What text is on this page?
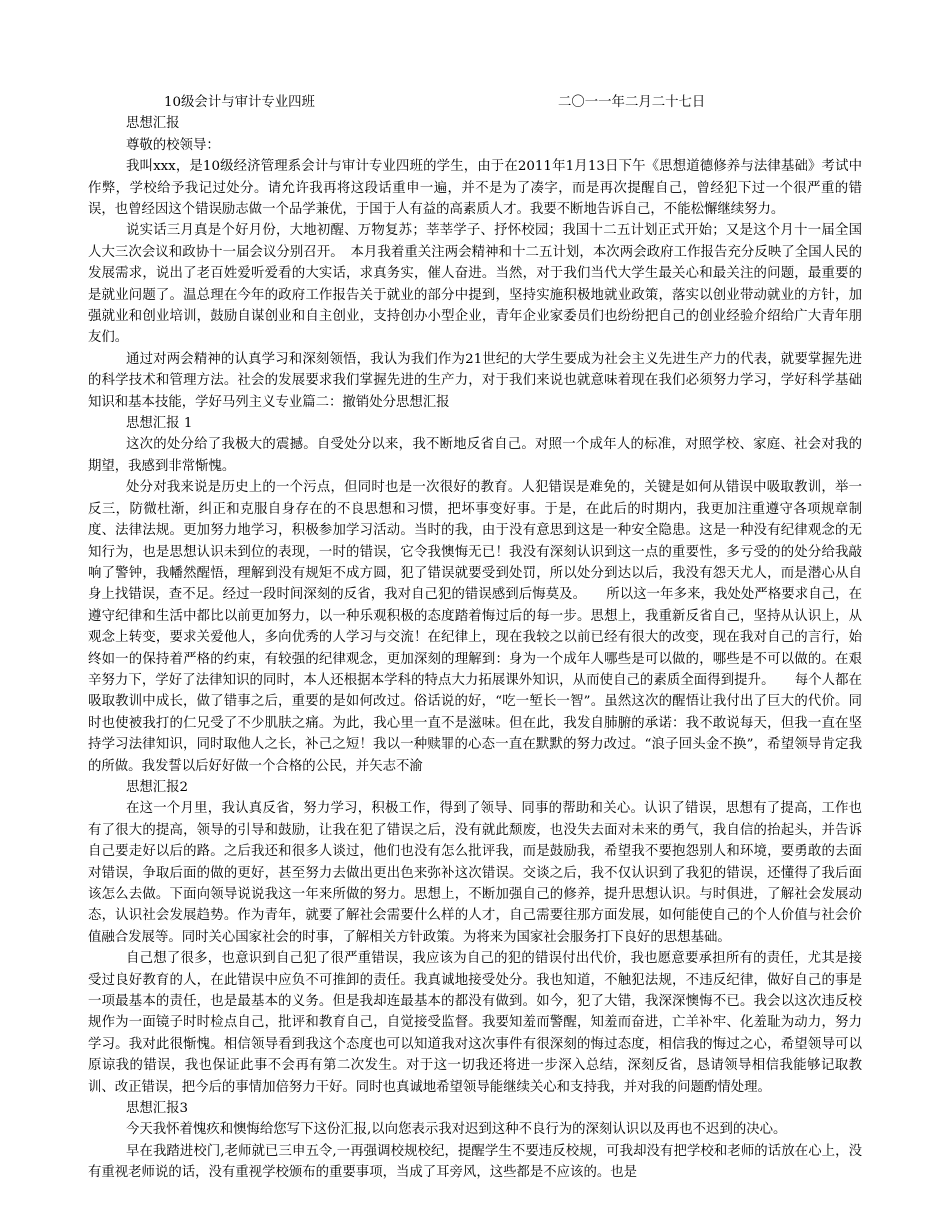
10级会计与审计专业四班	二〇一一年二月二十七日
思想汇报
尊敬的校领导：

我叫xxx，是10级经济管理系会计与审计专业四班的学生，由于在2011年1月13日下午《思想道德修养与法律基础》考试中作弊，学校给予我记过处分。请允许我再将这段话重申一遍，并不是为了凑字，而是再次提醒自己，曾经犯下过一个很严重的错误，也曾经因这个错误励志做一个品学兼优，于国于人有益的高素质人才。我要不断地告诉自己，不能松懈继续努力。

说实话三月真是个好月份，大地初醒、万物复苏；莘莘学子、抒怀校园；我国十二五计划正式开始；又是这个月十一届全国人大三次会议和政协十一届会议分别召开。　本月我着重关注两会精神和十二五计划，本次两会政府工作报告充分反映了全国人民的发展需求，说出了老百姓爱听爱看的大实话，求真务实，催人奋进。当然，对于我们当代大学生最关心和最关注的问题，最重要的是就业问题了。温总理在今年的政府工作报告关于就业的部分中提到，坚持实施积极地就业政策，落实以创业带动就业的方针，加强就业和创业培训，鼓励自谋创业和自主创业，支持创办小型企业，青年企业家委员们也纷纷把自己的创业经验介绍给广大青年朋友们。

通过对两会精神的认真学习和深刻领悟，我认为我们作为21世纪的大学生要成为社会主义先进生产力的代表，就要掌握先进的科学技术和管理方法。社会的发展要求我们掌握先进的生产力，对于我们来说也就意味着现在我们必须努力学习，学好科学基础知识和基本技能，学好马列主义专业篇二：撤销处分思想汇报

思想汇报 1

这次的处分给了我极大的震撼。自受处分以来，我不断地反省自己。对照一个成年人的标准，对照学校、家庭、社会对我的期望，我感到非常惭愧。

处分对我来说是历史上的一个污点，但同时也是一次很好的教育。人犯错误是难免的，关键是如何从错误中吸取教训，举一反三，防微杜渐，纠正和克服自身存在的不良思想和习惯，把坏事变好事。于是，在此后的时期内，我更加注重遵守各项规章制度、法律法规。更加努力地学习，积极参加学习活动。当时的我，由于没有意思到这是一种安全隐患。这是一种没有纪律观念的无知行为，也是思想认识未到位的表现，一时的错误，它令我懊悔无已！我没有深刻认识到这一点的重要性，多亏受的的处分给我敲响了警钟，我幡然醒悟，理解到没有规矩不成方圆，犯了错误就要受到处罚，所以处分到达以后，我没有怨天尤人，而是潜心从自身上找错误，查不足。经过一段时间深刻的反省，我对自己犯的错误感到后悔莫及。　　所以这一年多来，我处处严格要求自己，在遵守纪律和生活中都比以前更加努力，以一种乐观积极的态度踏着悔过后的每一步。思想上，我重新反省自己，坚持从认识上，从观念上转变，要求关爱他人，多向优秀的人学习与交流！在纪律上，现在我较之以前已经有很大的改变，现在我对自己的言行，始终如一的保持着严格的约束，有较强的纪律观念，更加深刻的理解到：身为一个成年人哪些是可以做的，哪些是不可以做的。在艰辛努力下，学好了法律知识的同时，本人还根据本学科的特点大力拓展课外知识，从而使自己的素质全面得到提升。　　每个人都在吸取教训中成长，做了错事之后，重要的是如何改过。俗话说的好，“吃一堑长一智”。虽然这次的醒悟让我付出了巨大的代价。同时也使被我打的仁兄受了不少肌肤之痛。为此，我心里一直不是滋味。但在此，我发自肺腑的承诺：我不敢说每天，但我一直在坚持学习法律知识，同时取他人之长，补己之短！我以一种赎罪的心态一直在默默的努力改过。“浪子回头金不换”，希望领导肯定我的所做。我发誓以后好好做一个合格的公民，并矢志不渝

思想汇报2

在这一个月里，我认真反省，努力学习，积极工作，得到了领导、同事的帮助和关心。认识了错误，思想有了提高，工作也有了很大的提高，领导的引导和鼓励，让我在犯了错误之后，没有就此颓废，也没失去面对未来的勇气，我自信的抬起头，并告诉自己要走好以后的路。之后我还和很多人谈过，他们也没有怎么批评我，而是鼓励我，希望我不要抱怨别人和环境，要勇敢的去面对错误，争取后面的做的更好，甚至努力去做出更出色来弥补这次错误。交谈之后，我不仅认识到了我犯的错误，还懂得了我后面该怎么去做。下面向领导说说我这一年来所做的努力。思想上，不断加强自己的修养，提升思想认识。与时俱进，了解社会发展动态，认识社会发展趋势。作为青年，就要了解社会需要什么样的人才，自己需要往那方面发展，如何能使自己的个人价值与社会价值融合发展等。同时关心国家社会的时事，了解相关方针政策。为将来为国家社会服务打下良好的思想基础。

自己想了很多，也意识到自己犯了很严重错误，我应该为自己的犯的错误付出代价，我也愿意要承担所有的责任，尤其是接受过良好教育的人，在此错误中应负不可推卸的责任。我真诚地接受处分。我也知道，不触犯法规，不违反纪律，做好自己的事是一项最基本的责任，也是最基本的义务。但是我却连最基本的都没有做到。如今，犯了大错，我深深懊悔不已。我会以这次违反校规作为一面镜子时时检点自己，批评和教育自己，自觉接受监督。我要知羞而警醒，知羞而奋进，亡羊补牢、化羞耻为动力，努力学习。我对此很惭愧。相信领导看到我这个态度也可以知道我对这次事件有很深刻的悔过态度，相信我的悔过之心，希望领导可以原谅我的错误，我也保证此事不会再有第二次发生。对于这一切我还将进一步深入总结，深刻反省，恳请领导相信我能够记取教训、改正错误，把今后的事情加倍努力干好。同时也真诚地希望领导能继续关心和支持我，并对我的问题酌情处理。

思想汇报3

今天我怀着愧疚和懊悔给您写下这份汇报,以向您表示我对迟到这种不良行为的深刻认识以及再也不迟到的决心。

早在我踏进校门,老师就已三申五令,一再强调校规校纪，提醒学生不要违反校规，可我却没有把学校和老师的话放在心上，没有重视老师说的话，没有重视学校颁布的重要事项，当成了耳旁风，这些都是不应该的。也是
